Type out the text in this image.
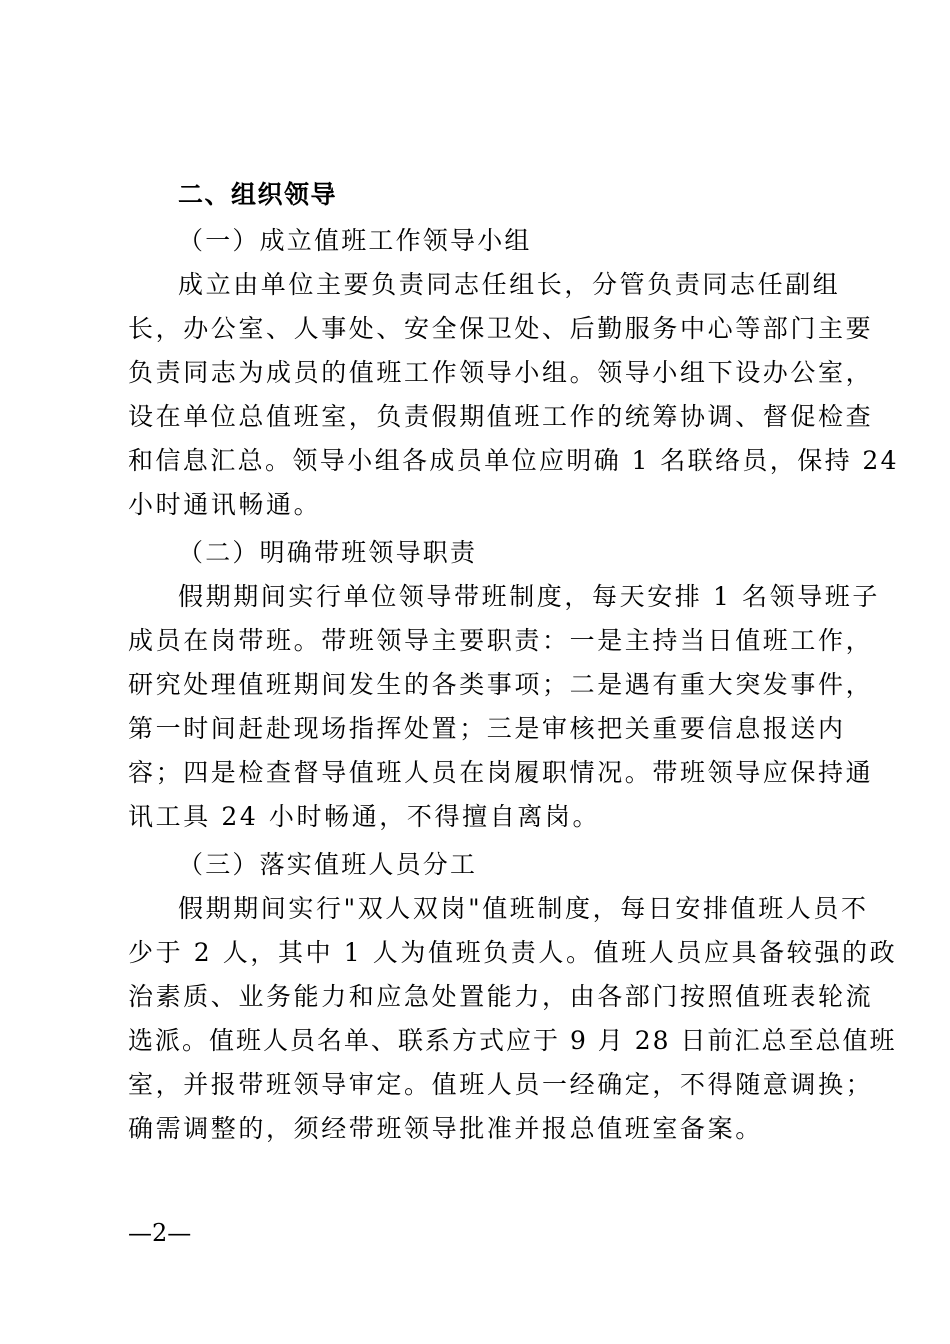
二、组织领导
（一）成立值班工作领导小组
成立由单位主要负责同志任组长，分管负责同志任副组
长，办公室、人事处、安全保卫处、后勤服务中心等部门主要
负责同志为成员的值班工作领导小组。领导小组下设办公室，
设在单位总值班室，负责假期值班工作的统筹协调、督促检查
和信息汇总。领导小组各成员单位应明确 1 名联络员，保持 24
小时通讯畅通。
（二）明确带班领导职责
假期期间实行单位领导带班制度，每天安排 1 名领导班子
成员在岗带班。带班领导主要职责：一是主持当日值班工作，
研究处理值班期间发生的各类事项；二是遇有重大突发事件，
第一时间赶赴现场指挥处置；三是审核把关重要信息报送内
容；四是检查督导值班人员在岗履职情况。带班领导应保持通
讯工具 24 小时畅通，不得擅自离岗。
（三）落实值班人员分工
假期期间实行"双人双岗"值班制度，每日安排值班人员不
少于 2 人，其中 1 人为值班负责人。值班人员应具备较强的政
治素质、业务能力和应急处置能力，由各部门按照值班表轮流
选派。值班人员名单、联系方式应于 9 月 28 日前汇总至总值班
室，并报带班领导审定。值班人员一经确定，不得随意调换；
确需调整的，须经带班领导批准并报总值班室备案。
—2—
